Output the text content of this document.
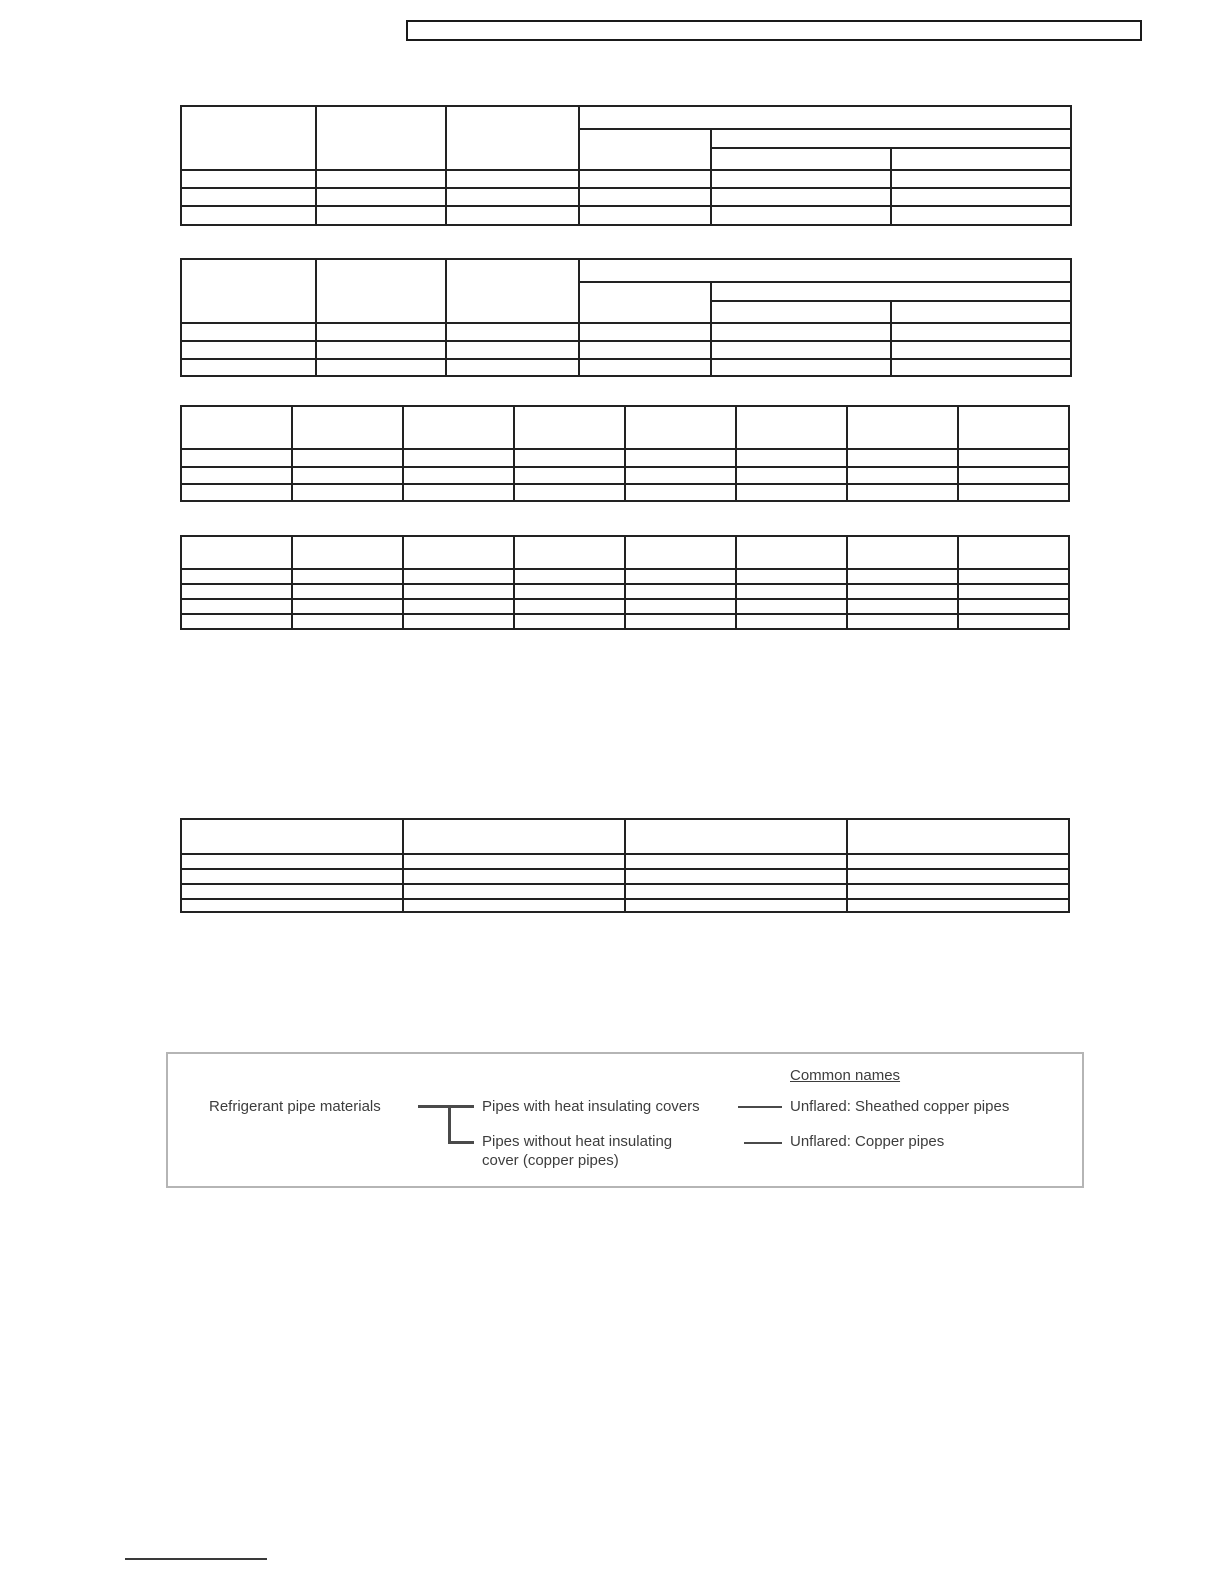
Common names
Refrigerant pipe materials	Pipes with heat insulating covers	Unflared: Sheathed copper pipes
Pipes without heat insulating
cover (copper pipes)
Unflared: Copper pipes
